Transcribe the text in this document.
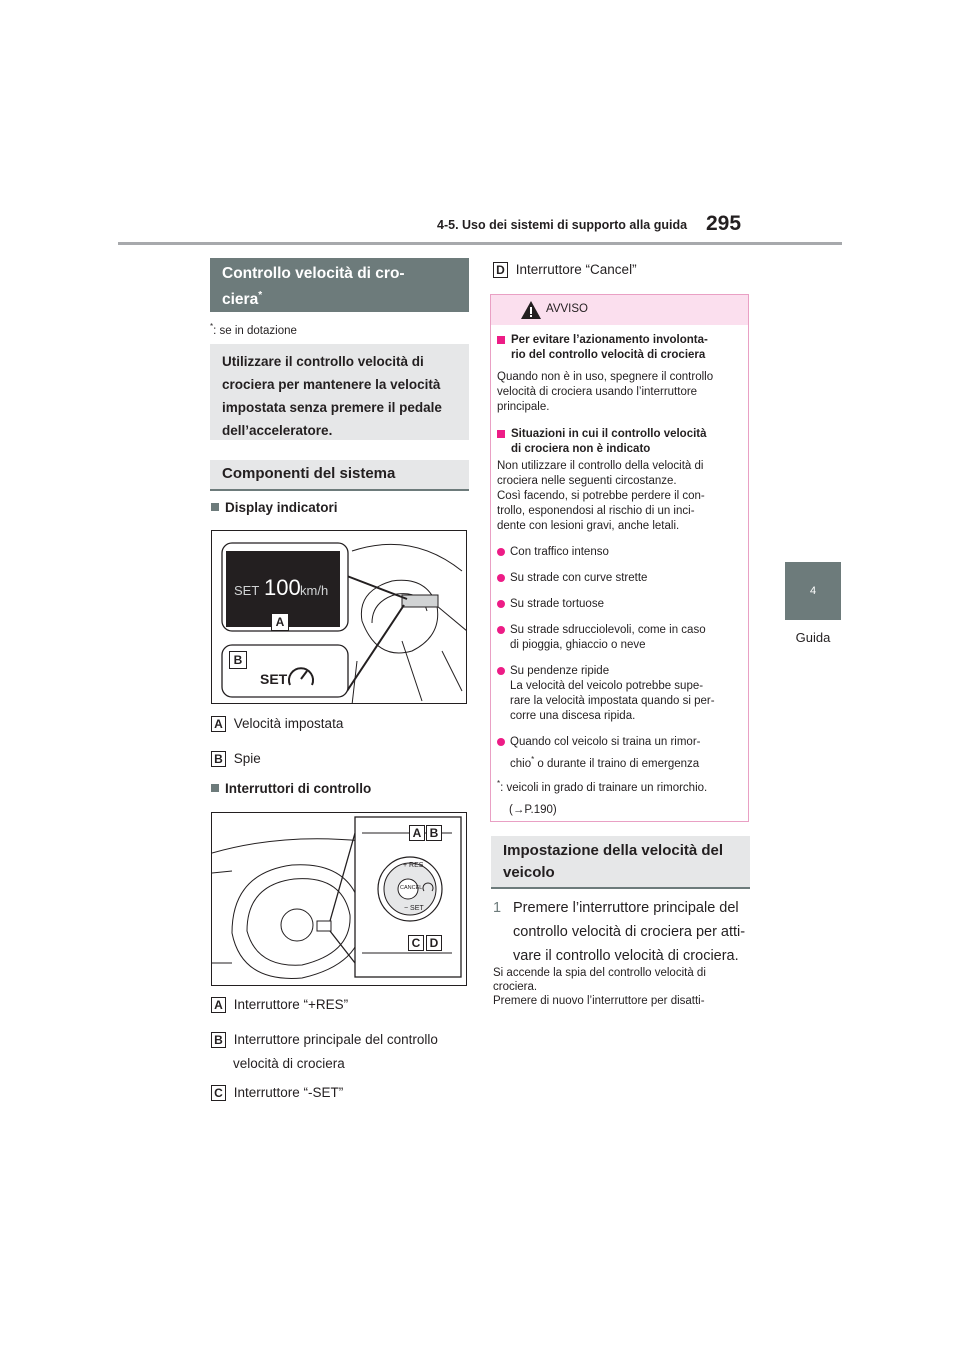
4-5. Uso dei sistemi di supporto alla guida 295
4
Guida
Controllo velocità di cro-
ciera*
*: se in dotazione
Utilizzare il controllo velocità di
crociera per mantenere la velocità
impostata senza premere il pedale
dell’acceleratore.
Componenti del sistema
Display indicatori
SET 100 km/h
A
B
SET
A Velocità impostata
B Spie
Interruttori di controllo
+ RES
CANCEL
− SET
A B
C D
A Interruttore “+RES”
B Interruttore principale del controllo
velocità di crociera
C Interruttore “-SET”
D Interruttore “Cancel”
AVVISO
Per evitare l’azionamento involonta-
rio del controllo velocità di crociera
Quando non è in uso, spegnere il controllo
velocità di crociera usando l’interruttore
principale.
Situazioni in cui il controllo velocità
di crociera non è indicato
Non utilizzare il controllo della velocità di
crociera nelle seguenti circostanze.
Così facendo, si potrebbe perdere il con-
trollo, esponendosi al rischio di un inci-
dente con lesioni gravi, anche letali.
Con traffico intenso
Su strade con curve strette
Su strade tortuose
Su strade sdrucciolevoli, come in caso
di pioggia, ghiaccio o neve
Su pendenze ripide
La velocità del veicolo potrebbe supe-
rare la velocità impostata quando si per-
corre una discesa ripida.
Quando col veicolo si traina un rimor-
chio* o durante il traino di emergenza
*: veicoli in grado di trainare un rimorchio.
(→P.190)
Impostazione della velocità del
veicolo
1 Premere l’interruttore principale del
controllo velocità di crociera per atti-
vare il controllo velocità di crociera.
Si accende la spia del controllo velocità di
crociera.
Premere di nuovo l’interruttore per disatti-
